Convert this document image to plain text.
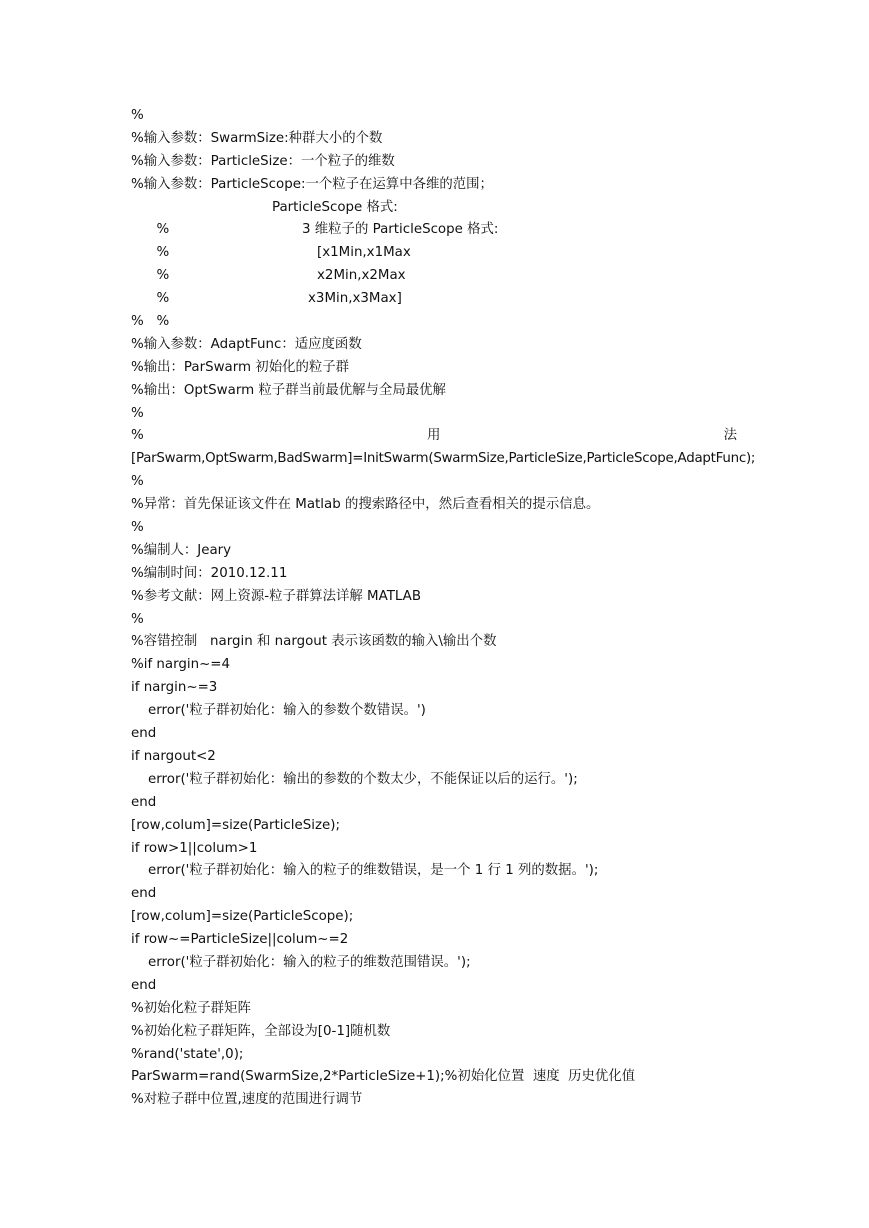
%
%输入参数：SwarmSize:种群大小的个数
%输入参数：ParticleSize：一个粒子的维数
%输入参数：ParticleScope:一个粒子在运算中各维的范围；

%

ParticleScope 格式:

%

3 维粒子的 ParticleScope 格式:

%

[x1Min,x1Max

%

x2Min,x2Max

%

x3Min,x3Max]

%
%输入参数：AdaptFunc：适应度函数
%输出：ParSwarm 初始化的粒子群
%输出：OptSwarm 粒子群当前最优解与全局最优解
%
%	用	法
[ParSwarm,OptSwarm,BadSwarm]=InitSwarm(SwarmSize,ParticleSize,ParticleScope,AdaptFunc);
%
%异常：首先保证该文件在 Matlab 的搜索路径中，然后查看相关的提示信息。
%
%编制人：Jeary
%编制时间：2010.12.11
%参考文献：网上资源-粒子群算法详解 MATLAB
%
%容错控制   nargin 和 nargout 表示该函数的输入\输出个数
%if nargin~=4
if nargin~=3
error('粒子群初始化：输入的参数个数错误。')
end
if nargout<2
error('粒子群初始化：输出的参数的个数太少，不能保证以后的运行。');
end
[row,colum]=size(ParticleSize);
if row>1||colum>1
error('粒子群初始化：输入的粒子的维数错误，是一个 1 行 1 列的数据。');
end
[row,colum]=size(ParticleScope);
if row~=ParticleSize||colum~=2
error('粒子群初始化：输入的粒子的维数范围错误。');
end
%初始化粒子群矩阵
%初始化粒子群矩阵，全部设为[0-1]随机数
%rand('state',0);
ParSwarm=rand(SwarmSize,2*ParticleSize+1);%初始化位置  速度  历史优化值
%对粒子群中位置,速度的范围进行调节
